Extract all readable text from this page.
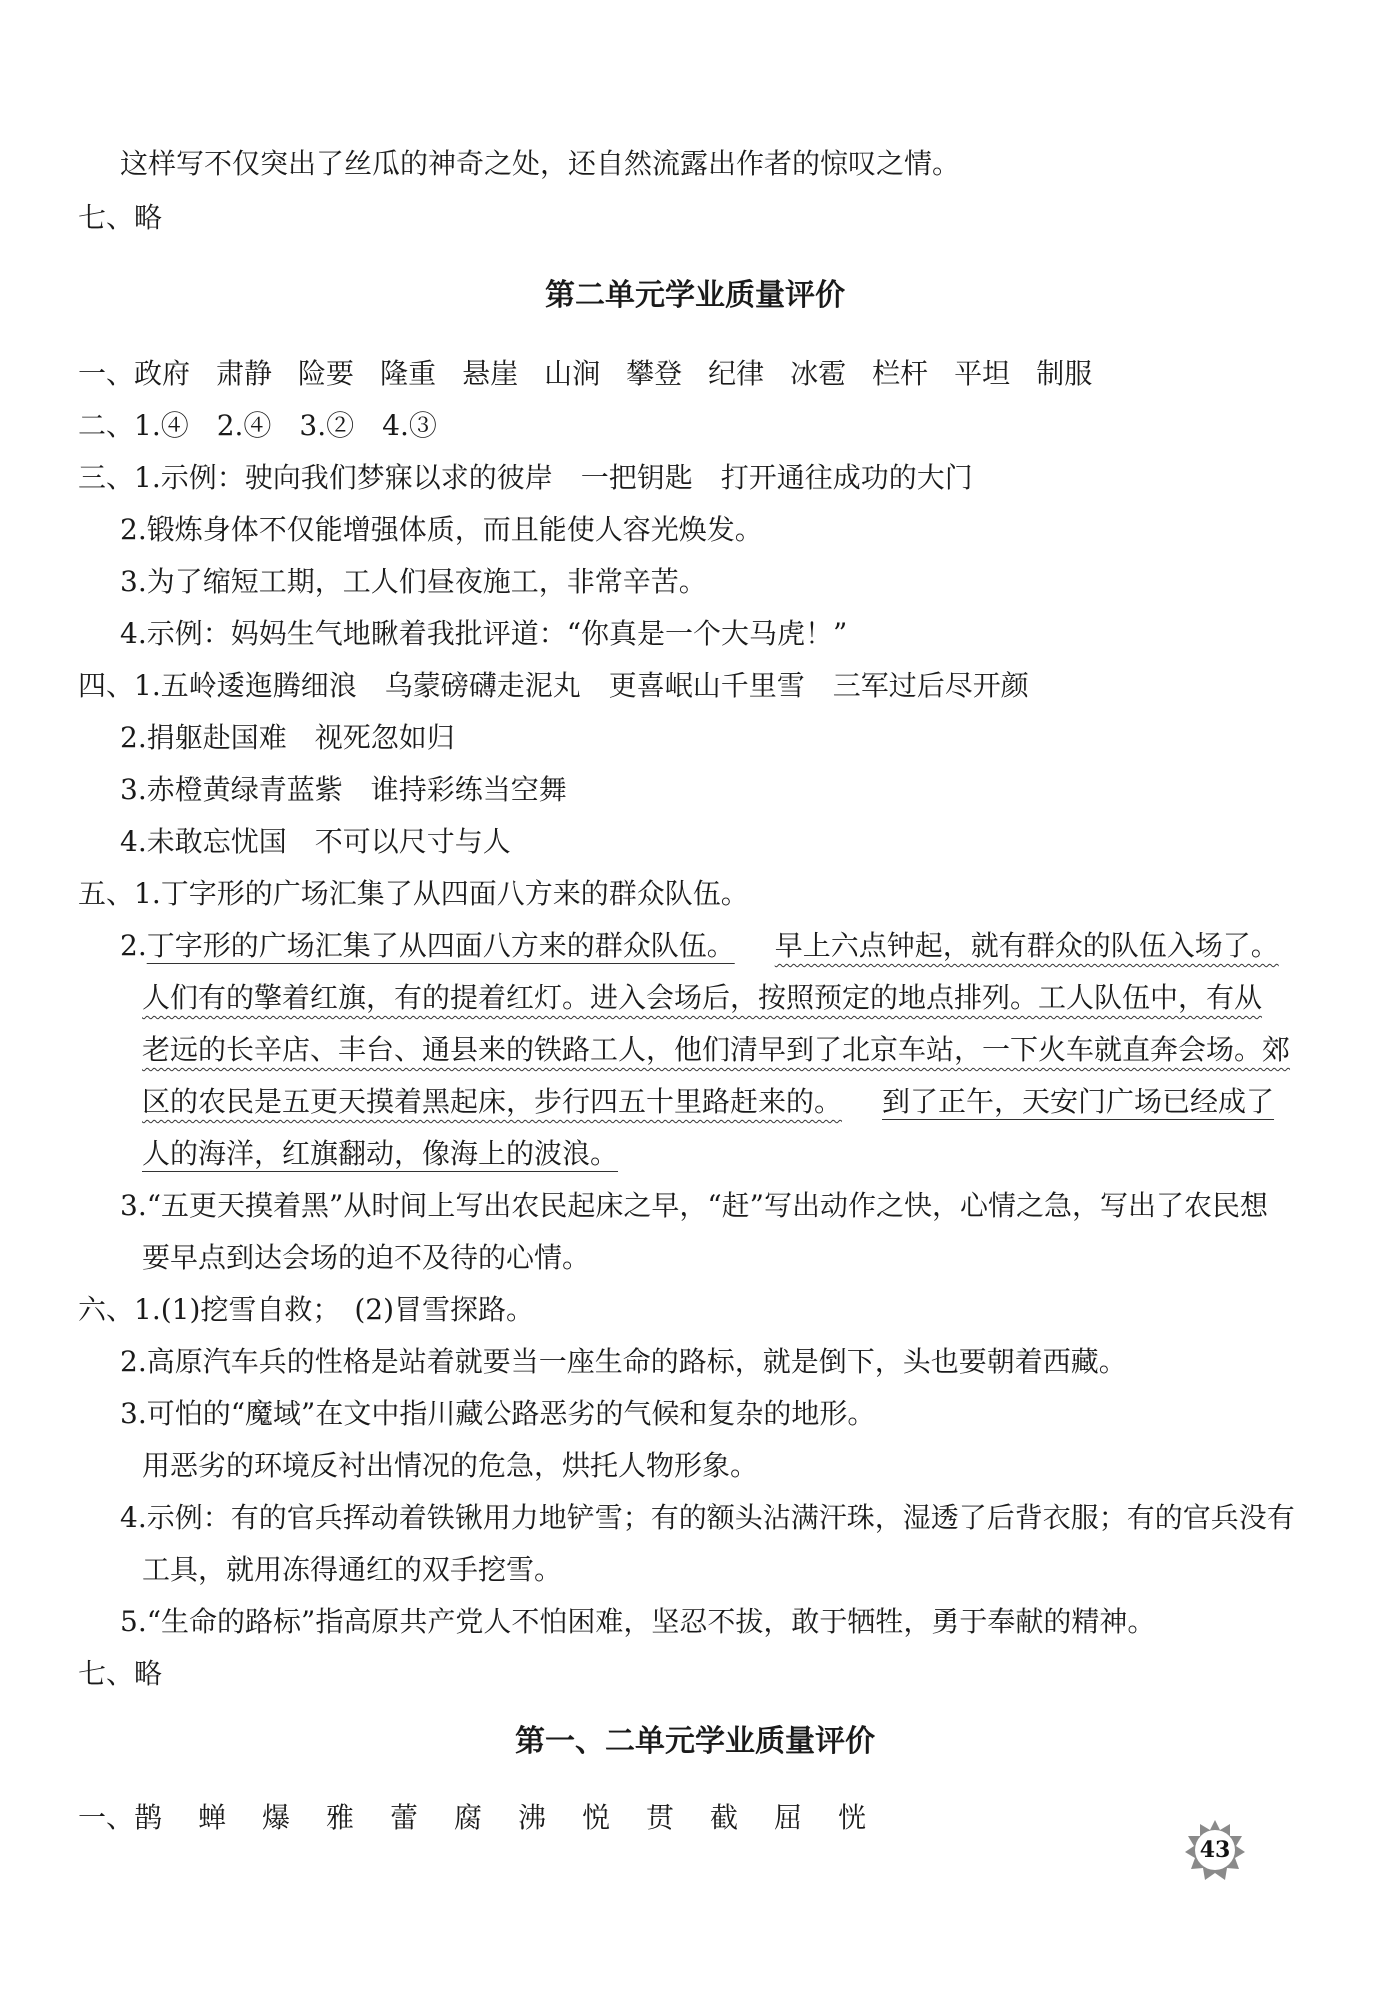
这样写不仅突出了丝瓜的神奇之处，还自然流露出作者的惊叹之情。
七、略
第二单元学业质量评价
一、政府 肃静 险要 隆重 悬崖 山涧 攀登 纪律 冰雹 栏杆 平坦 制服
二、1.④　2.④　3.②　4.③
三、1.示例：驶向我们梦寐以求的彼岸　一把钥匙　打开通往成功的大门
2.锻炼身体不仅能增强体质，而且能使人容光焕发。
3.为了缩短工期，工人们昼夜施工，非常辛苦。
4.示例：妈妈生气地瞅着我批评道：“你真是一个大马虎！”
四、1.五岭逶迤腾细浪　乌蒙磅礴走泥丸　更喜岷山千里雪　三军过后尽开颜
2.捐躯赴国难　视死忽如归
3.赤橙黄绿青蓝紫　谁持彩练当空舞
4.未敢忘忧国　不可以尺寸与人
五、1.丁字形的广场汇集了从四面八方来的群众队伍。
2.丁字形的广场汇集了从四面八方来的群众队伍。 早上六点钟起，就有群众的队伍入场了。
人们有的擎着红旗，有的提着红灯。进入会场后，按照预定的地点排列。工人队伍中，有从
老远的长辛店、丰台、通县来的铁路工人，他们清早到了北京车站，一下火车就直奔会场。郊
区的农民是五更天摸着黑起床，步行四五十里路赶来的。 到了正午，天安门广场已经成了
人的海洋，红旗翻动，像海上的波浪。
3.“五更天摸着黑”从时间上写出农民起床之早，“赶”写出动作之快，心情之急，写出了农民想
要早点到达会场的迫不及待的心情。
六、1.(1)挖雪自救；　(2)冒雪探路。
2.高原汽车兵的性格是站着就要当一座生命的路标，就是倒下，头也要朝着西藏。
3.可怕的“魔域”在文中指川藏公路恶劣的气候和复杂的地形。
用恶劣的环境反衬出情况的危急，烘托人物形象。
4.示例：有的官兵挥动着铁锹用力地铲雪；有的额头沾满汗珠，湿透了后背衣服；有的官兵没有
工具，就用冻得通红的双手挖雪。
5.“生命的路标”指高原共产党人不怕困难，坚忍不拔，敢于牺牲，勇于奉献的精神。
七、略
第一、二单元学业质量评价
一、鹊 蝉 爆 雅 蕾 腐 沸 悦 贯 截 屈 恍
43
